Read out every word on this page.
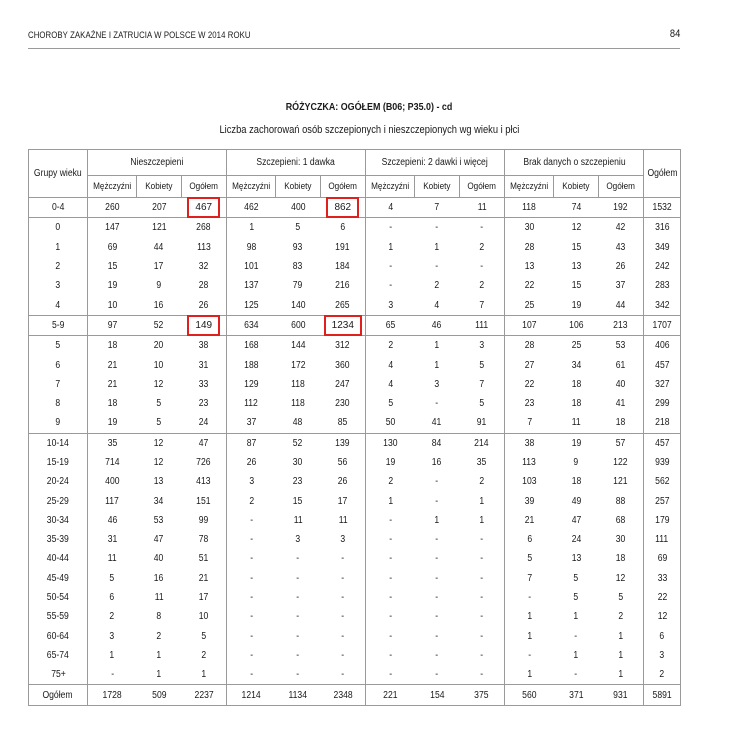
CHOROBY ZAKAŹNE I ZATRUCIA W POLSCE W 2014 ROKU	84
RÓŻYCZKA: OGÓŁEM (B06; P35.0) - cd
Liczba zachorowań osób szczepionych i nieszczepionych wg wieku i płci
Grupy wieku	Nieszczepieni			Szczepieni: 1 dawka			Szczepieni: 2 dawki i więcej			Brak danych o szczepieniu			Ogółem
	Mężczyźni	Kobiety	Ogółem	Mężczyźni	Kobiety	Ogółem	Mężczyźni	Kobiety	Ogółem	Mężczyźni	Kobiety	Ogółem	
0-4	260	207	467	462	400	862	4	7	11	118	74	192	1532
0	147	121	268	1	5	6	-	-	-	30	12	42	316
1	69	44	113	98	93	191	1	1	2	28	15	43	349
2	15	17	32	101	83	184	-	-	-	13	13	26	242
3	19	9	28	137	79	216	-	2	2	22	15	37	283
4	10	16	26	125	140	265	3	4	7	25	19	44	342
5-9	97	52	149	634	600	1234	65	46	111	107	106	213	1707
5	18	20	38	168	144	312	2	1	3	28	25	53	406
6	21	10	31	188	172	360	4	1	5	27	34	61	457
7	21	12	33	129	118	247	4	3	7	22	18	40	327
8	18	5	23	112	118	230	5	-	5	23	18	41	299
9	19	5	24	37	48	85	50	41	91	7	11	18	218
10-14	35	12	47	87	52	139	130	84	214	38	19	57	457
15-19	714	12	726	26	30	56	19	16	35	113	9	122	939
20-24	400	13	413	3	23	26	2	-	2	103	18	121	562
25-29	117	34	151	2	15	17	1	-	1	39	49	88	257
30-34	46	53	99	-	11	11	-	1	1	21	47	68	179
35-39	31	47	78	-	3	3	-	-	-	6	24	30	111
40-44	11	40	51	-	-	-	-	-	-	5	13	18	69
45-49	5	16	21	-	-	-	-	-	-	7	5	12	33
50-54	6	11	17	-	-	-	-	-	-	-	5	5	22
55-59	2	8	10	-	-	-	-	-	-	1	1	2	12
60-64	3	2	5	-	-	-	-	-	-	1	-	1	6
65-74	1	1	2	-	-	-	-	-	-	-	1	1	3
75+	-	1	1	-	-	-	-	-	-	1	-	1	2
Ogółem	1728	509	2237	1214	1134	2348	221	154	375	560	371	931	5891
